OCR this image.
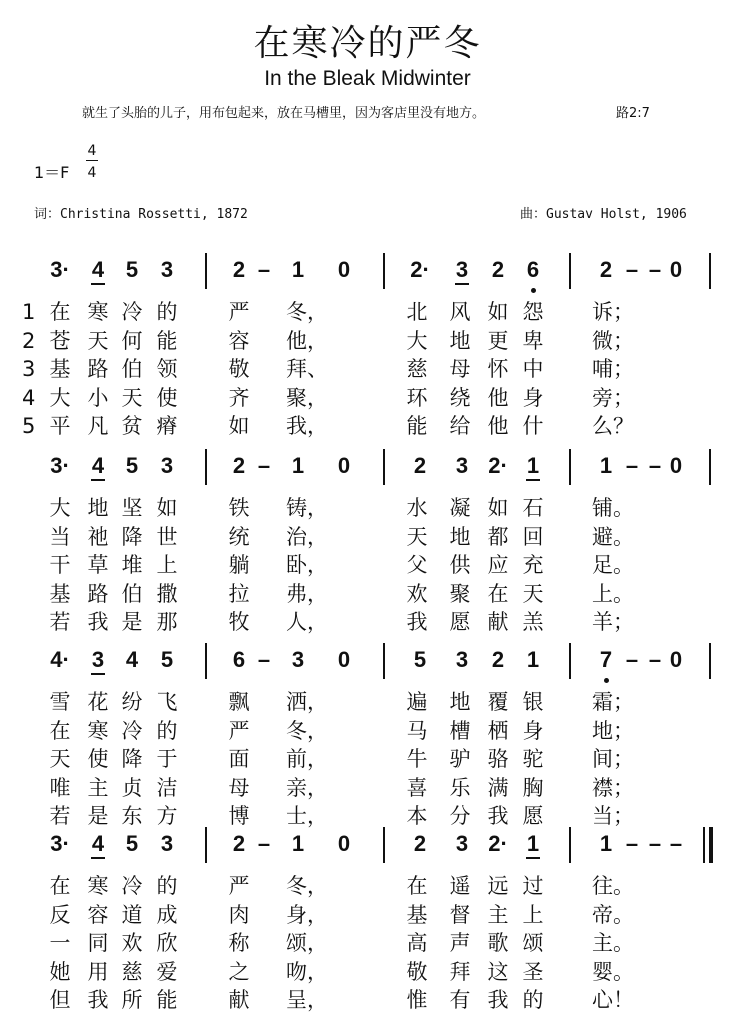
在寒冷的严冬
In the Bleak Midwinter
就生了头胎的儿子，用布包起来，放在马槽里，因为客店里没有地方。	路2:7
1＝F
4
4
词：Christina Rossetti, 1872	曲：Gustav Holst, 1906
3·	4 5	3	2 – 1	0	2·	3	2	6	2 – – 0
1 在 寒 冷 的 严 冬，	北 风 如 怨 诉；
2 苍 天 何 能 容 他，	大 地 更 卑 微；
3 基 路 伯 领 敬 拜、	慈 母 怀 中 哺；
4 大 小 天 使 齐 聚，	环 绕 他 身 旁；
5 平 凡 贫 瘠 如 我，	能 给 他 什 么？
3·	4 5	3	2 – 1	0	2	3 2· 1	1 – – 0
大 地 坚 如 铁 铸，	水 凝 如 石 铺。
当 祂 降 世 统 治，	天 地 都 回 避。
干 草 堆 上 躺 卧，	父 供 应 充 足。
基 路 伯 撒 拉 弗，	欢 聚 在 天 上。
若 我 是 那 牧 人，	我 愿 献 羔 羊；
4·	3 4	5	6 – 3	0	5	3	2	1	7 – – 0
雪 花 纷 飞 飘 洒，	遍 地 覆 银 霜；
在 寒 冷 的 严 冬，	马 槽 栖 身 地；
天 使 降 于 面 前，	牛 驴 骆 驼 间；
唯 主 贞 洁 母 亲，	喜 乐 满 胸 襟；
若 是 东 方 博 士，	本 分 我 愿 当；
3·	4 5	3	2 – 1	0	2	3 2· 1	1 – – –
在 寒 冷 的 严 冬，	在 遥 远 过 往。
反 容 道 成 肉 身，	基 督 主 上 帝。
一 同 欢 欣 称 颂，	高 声 歌 颂 主。
她 用 慈 爱 之 吻，	敬 拜 这 圣 婴。
但 我 所 能 献 呈，	惟 有 我 的 心！
